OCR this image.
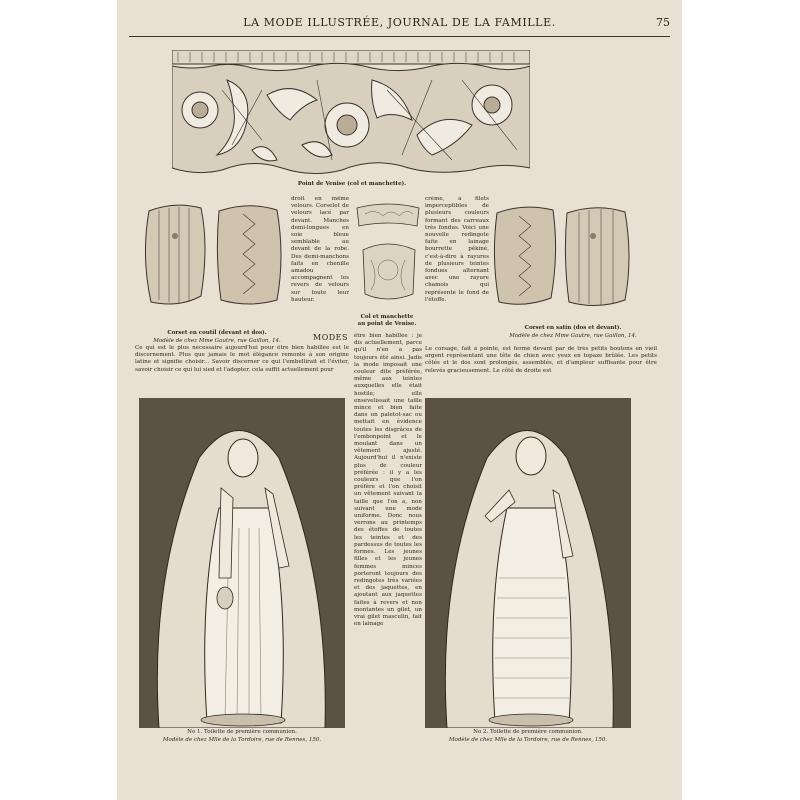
LA MODE ILLUSTRÉE, JOURNAL DE LA FAMILLE.	75
Point de Venise (col et manchette).
Corset en coutil (devant et dos).
Modèle de chez Mme Gautre, rue Gaillon, 14.
droit en même velours. Corselet de velours lacé par devant. Manches demi-longues en soie bleue semblable au devant de la robe. Des demi-manchons faits en chenille amadou accompagnent les revers de velours sur toute leur hauteur.
Col et manchette
au point de Venise.
crème, à filets imperceptibles de plusieurs couleurs formant des carreaux très fondus. Voici une nouvelle redingote faite en lainage bourrette pékiné, c'est-à-dire à rayures de plusieurs teintes fondues alternant avec une rayure chamois qui représente le fond de l'étoffe.
Corset en satin (dos et devant).
Modèle de chez Mme Gautre, rue Gaillon, 14.
MODES
Ce qui est le plus nécessaire aujourd'hui pour être bien habillée est le discernement. Plus que jamais le mot élégance remonte à son origine latine et signifie choisir... Savoir discerner ce qui l'embellirait et l'éviter, savoir choisir ce qui lui sied et l'adopter, cela suffit actuellement pour
Le corsage, fait à pointe, est fermé devant par de très petits boutons en vieil argent représentant une tête de chien avec yeux en topaze brûlée. Les petits côtés et le dos sont prolongés, assemblés, et d'ampleur suffisante pour être relevés gracieusement. Le côté de droite est
être bien habillée : je dis actuellement, parce qu'il n'en a pas toujours été ainsi. Jadis la mode imposait une couleur dite préférée, même aux teintes auxquelles elle était hostile; elle ensevelissait une taille mince et bien faite dans un paletot-sac ou mettait en évidence toutes les disgrâces de l'embonpoint et le moulant dans un vêtement ajusté. Aujourd'hui il n'existe plus de couleur préférée : il y a les couleurs que l'on préfère et l'on choisit un vêtement suivant la taille que l'on a, non suivant une mode uniforme. Donc nous verrons au printemps des étoffes de toutes les teintes et des pardessus de toutes les formes. Les jeunes filles et les jeunes femmes minces porteront toujours des redingotes très variées et des jaquettes, en ajoutant aux jaquettes faites à revers et non montantes un gilet, un vrai gilet masculin, fait en lainage
No 1. Toilette de première communion.
Modèle de chez Mlle de la Tordoire, rue de Rennes, 150.
No 2. Toilette de première communion.
Modèle de chez Mlle de la Tordoire, rue de Rennes, 150.
